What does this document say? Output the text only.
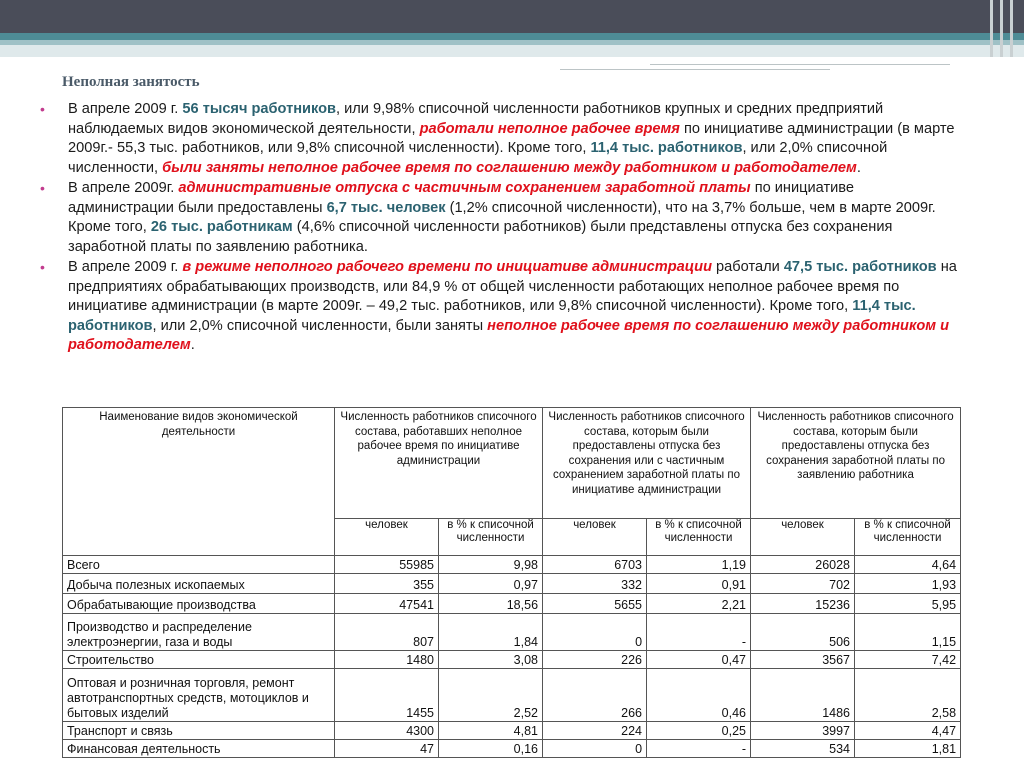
Неполная занятость
• В апреле 2009 г. 56 тысяч работников, или 9,98% списочной численности работников крупных и средних предприятий наблюдаемых видов экономической деятельности, работали неполное рабочее время по инициативе администрации (в марте 2009г.- 55,3 тыс. работников, или 9,8% списочной численности). Кроме того, 11,4 тыс. работников, или 2,0% списочной численности, были заняты неполное рабочее время по соглашению между работником и работодателем.
• В апреле 2009г. административные отпуска с частичным сохранением заработной платы по инициативе администрации были предоставлены 6,7 тыс. человек (1,2% списочной численности), что на 3,7% больше, чем в марте 2009г. Кроме того, 26 тыс. работникам (4,6% списочной численности работников) были представлены отпуска без сохранения заработной платы по заявлению работника.
• В апреле 2009 г. в режиме неполного рабочего времени по инициативе администрации работали 47,5 тыс. работников на предприятиях обрабатывающих производств, или 84,9 % от общей численности работающих неполное рабочее время по инициативе администрации (в марте 2009г. – 49,2 тыс. работников, или 9,8% списочной численности). Кроме того, 11,4 тыс. работников, или 2,0% списочной численности, были заняты неполное рабочее время по соглашению между работником и работодателем.
Наименование видов экономической деятельности	Численность работников списочного состава, работавших неполное рабочее время по инициативе администрации		Численность работников списочного состава, которым были предоставлены отпуска без сохранения или с частичным сохранением заработной платы по инициативе администрации		Численность работников списочного состава, которым были предоставлены отпуска без сохранения заработной платы по заявлению работника	
	человек	в % к списочной численности	человек	в % к списочной численности	человек	в % к списочной численности
Всего	55985	9,98	6703	1,19	26028	4,64
Добыча полезных ископаемых	355	0,97	332	0,91	702	1,93
Обрабатывающие производства	47541	18,56	5655	2,21	15236	5,95
Производство и распределение электроэнергии, газа и воды	807	1,84	0	-	506	1,15
Строительство	1480	3,08	226	0,47	3567	7,42
Оптовая и розничная торговля, ремонт автотранспортных средств, мотоциклов и бытовых изделий	1455	2,52	266	0,46	1486	2,58
Транспорт и связь	4300	4,81	224	0,25	3997	4,47
Финансовая деятельность	47	0,16	0	-	534	1,81
